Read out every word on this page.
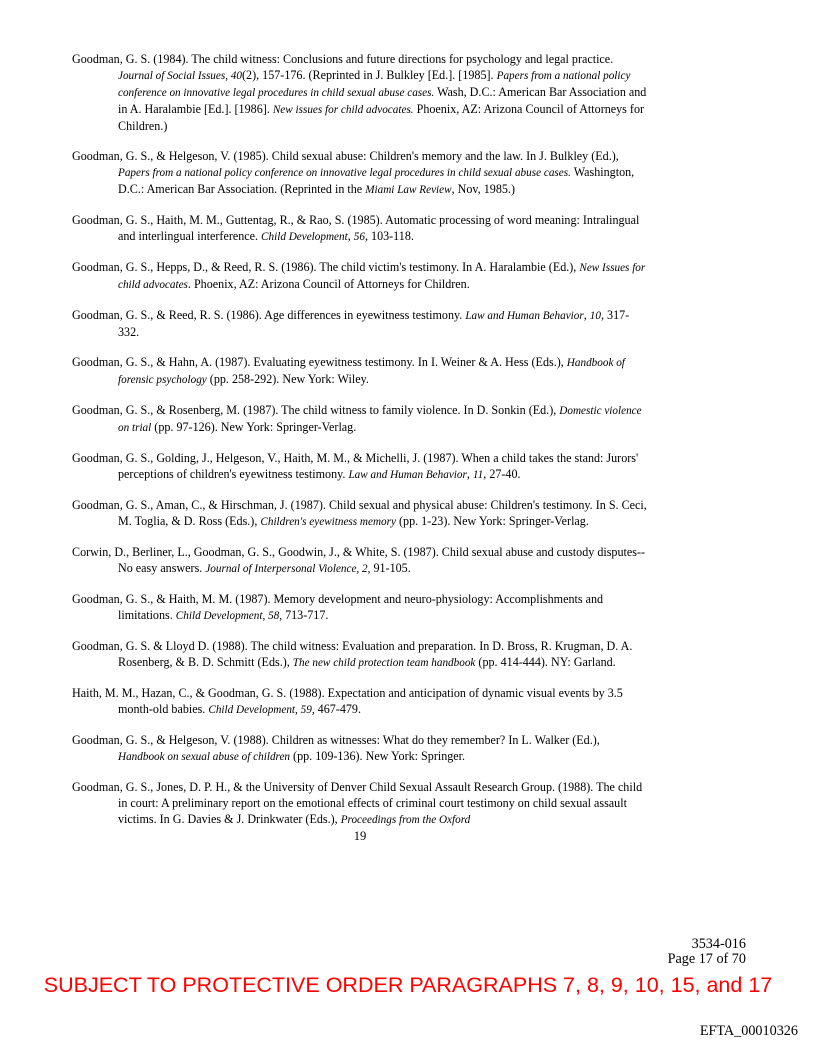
Goodman, G. S. (1984). The child witness: Conclusions and future directions for psychology and legal practice. Journal of Social Issues, 40(2), 157-176. (Reprinted in J. Bulkley [Ed.]. [1985]. Papers from a national policy conference on innovative legal procedures in child sexual abuse cases. Wash, D.C.: American Bar Association and in A. Haralambie [Ed.]. [1986]. New issues for child advocates. Phoenix, AZ: Arizona Council of Attorneys for Children.)

Goodman, G. S., & Helgeson, V. (1985). Child sexual abuse: Children's memory and the law. In J. Bulkley (Ed.), Papers from a national policy conference on innovative legal procedures in child sexual abuse cases. Washington, D.C.: American Bar Association. (Reprinted in the Miami Law Review, Nov, 1985.)

Goodman, G. S., Haith, M. M., Guttentag, R., & Rao, S. (1985). Automatic processing of word meaning: Intralingual and interlingual interference. Child Development, 56, 103-118.

Goodman, G. S., Hepps, D., & Reed, R. S. (1986). The child victim's testimony. In A. Haralambie (Ed.), New Issues for child advocates. Phoenix, AZ: Arizona Council of Attorneys for Children.

Goodman, G. S., & Reed, R. S. (1986). Age differences in eyewitness testimony. Law and Human Behavior, 10, 317-332.

Goodman, G. S., & Hahn, A. (1987). Evaluating eyewitness testimony. In I. Weiner & A. Hess (Eds.), Handbook of forensic psychology (pp. 258-292). New York: Wiley.

Goodman, G. S., & Rosenberg, M. (1987). The child witness to family violence. In D. Sonkin (Ed.), Domestic violence on trial (pp. 97-126). New York: Springer-Verlag.

Goodman, G. S., Golding, J., Helgeson, V., Haith, M. M., & Michelli, J. (1987). When a child takes the stand: Jurors' perceptions of children's eyewitness testimony. Law and Human Behavior, 11, 27-40.

Goodman, G. S., Aman, C., & Hirschman, J. (1987). Child sexual and physical abuse: Children's testimony. In S. Ceci, M. Toglia, & D. Ross (Eds.), Children's eyewitness memory (pp. 1-23). New York: Springer-Verlag.

Corwin, D., Berliner, L., Goodman, G. S., Goodwin, J., & White, S. (1987). Child sexual abuse and custody disputes--No easy answers. Journal of Interpersonal Violence, 2, 91-105.

Goodman, G. S., & Haith, M. M. (1987). Memory development and neuro-physiology: Accomplishments and limitations. Child Development, 58, 713-717.

Goodman, G. S. & Lloyd D. (1988). The child witness: Evaluation and preparation. In D. Bross, R. Krugman, D. A. Rosenberg, & B. D. Schmitt (Eds.), The new child protection team handbook (pp. 414-444). NY: Garland.

Haith, M. M., Hazan, C., & Goodman, G. S. (1988). Expectation and anticipation of dynamic visual events by 3.5 month-old babies. Child Development, 59, 467-479.

Goodman, G. S., & Helgeson, V. (1988). Children as witnesses: What do they remember? In L. Walker (Ed.), Handbook on sexual abuse of children (pp. 109-136). New York: Springer.

Goodman, G. S., Jones, D. P. H., & the University of Denver Child Sexual Assault Research Group. (1988). The child in court: A preliminary report on the emotional effects of criminal court testimony on child sexual assault victims. In G. Davies & J. Drinkwater (Eds.), Proceedings from the Oxford

19
3534-016
Page 17 of 70
SUBJECT TO PROTECTIVE ORDER PARAGRAPHS 7, 8, 9, 10, 15, and 17
EFTA_00010326
